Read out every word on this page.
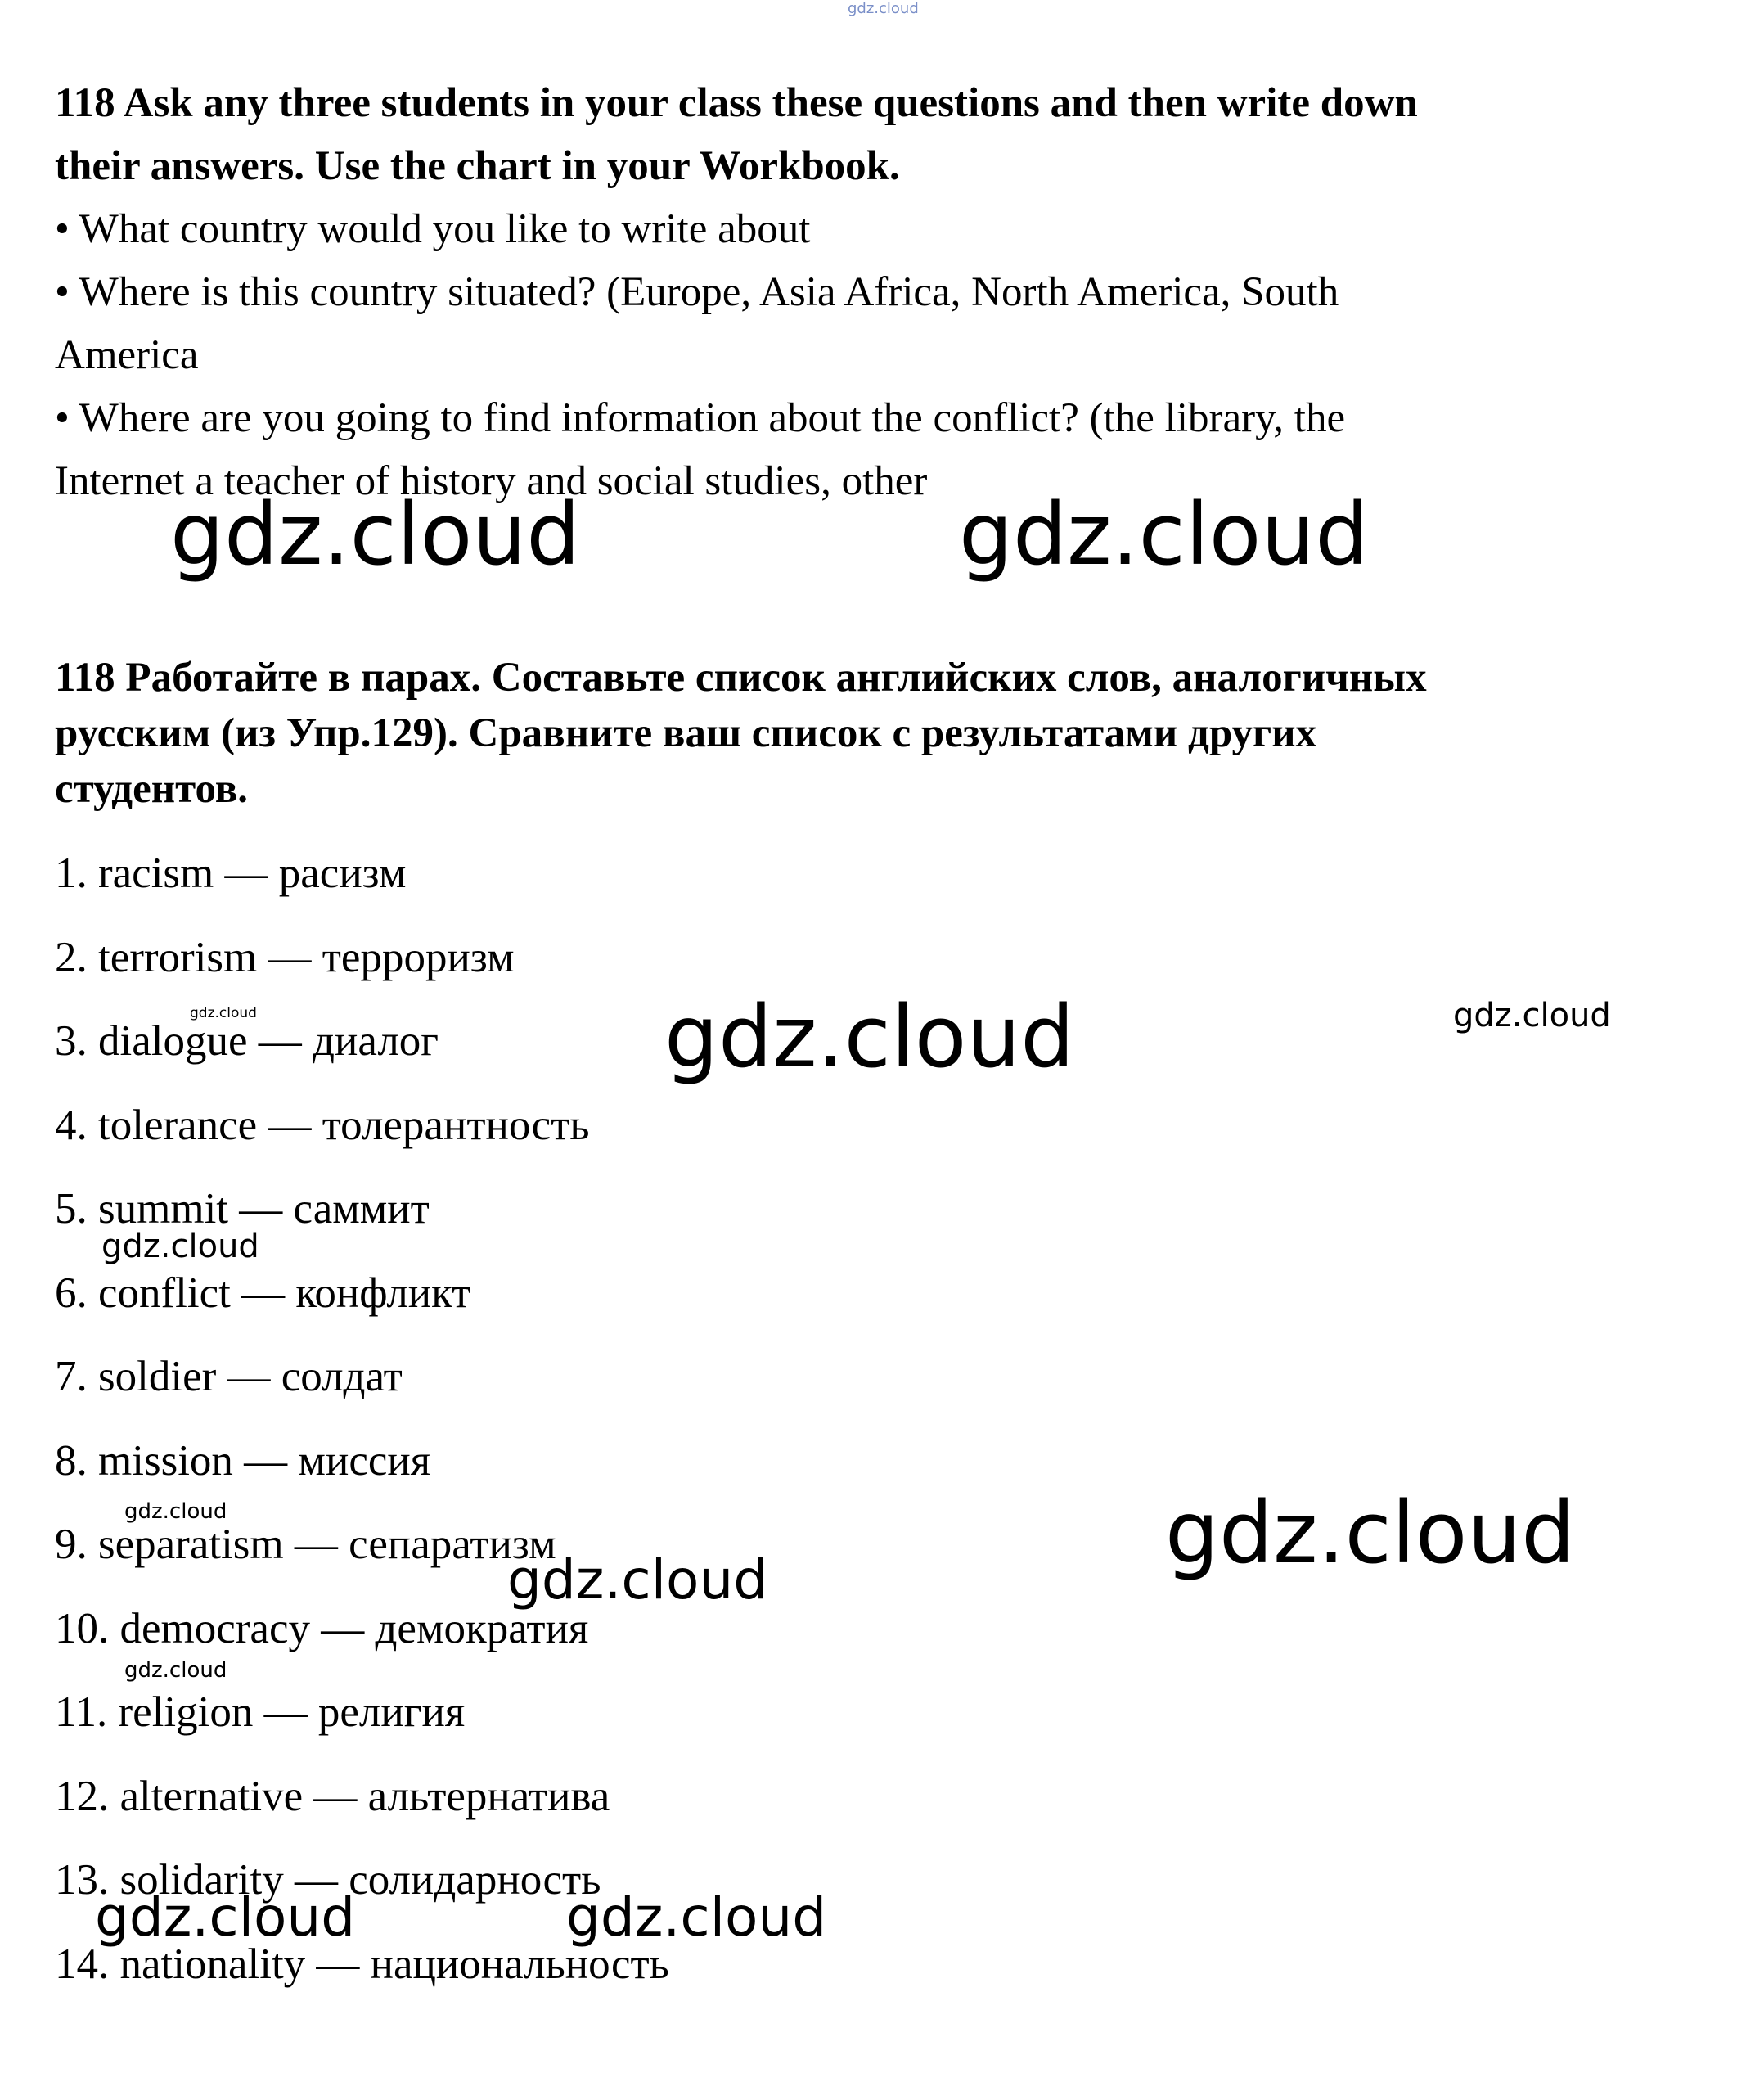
gdz.cloud

118 Ask any three students in your class these questions and then write down

their answers. Use the chart in your Workbook.

• What country would you like to write about

• Where is this country situated? (Europe, Asia Africa, North America, South

America

• Where are you going to find information about the conflict? (the library, the

Internet a teacher of history and social studies, other

gdz.cloud	gdz.cloud

118 Работайте в парах. Составьте список английских слов, аналогичных

русским (из Упр.129). Сравните ваш список с результатами других

студентов.

1. racism — расизм
2. terrorism — терроризм
3. dialogue — диалог
4. tolerance — толерантность
5. summit — саммит
6. conflict — конфликт
7. soldier — солдат
8. mission — миссия
9. separatism — сепаратизм
10. democracy — демократия
11. religion — религия
12. alternative — альтернатива
13. solidarity — солидарность
14. nationality — национальность
gdz.cloud	gdz.cloud	gdz.cloud
gdz.cloud
gdz.cloud	gdz.cloud
gdz.cloud
gdz.cloud
gdz.cloud	gdz.cloud
